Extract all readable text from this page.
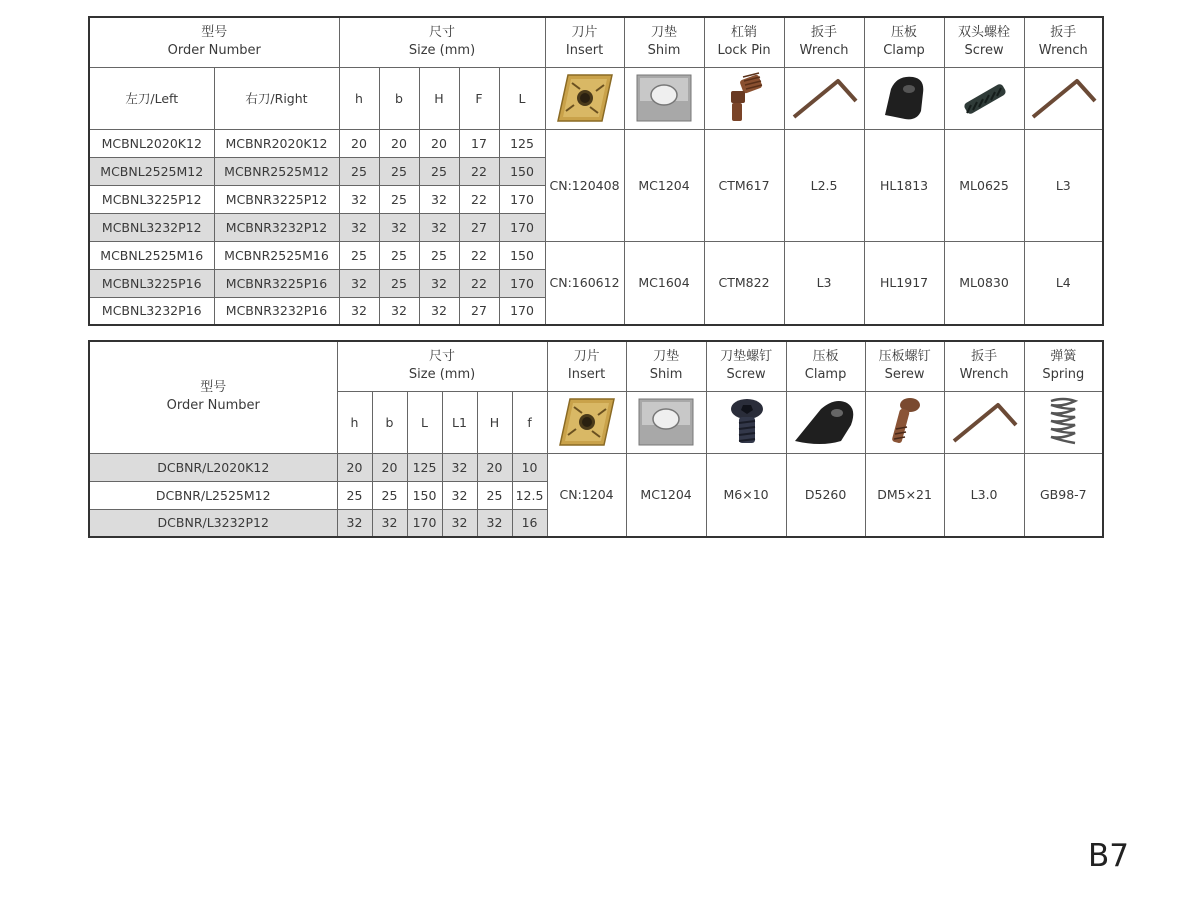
型号
Order Number		尺寸
Size (mm)					刀片
Insert	刀垫
Shim	杠销
Lock Pin	扳手
Wrench	压板
Clamp	双头螺栓
Screw	扳手
Wrench

左刀/Left	右刀/Right	h	b	H	F	L	

MCBNL2020K12	MCBNR2020K12	20	20	20	17	125	CN:120408	MC1204	CTM617	L2.5	HL1813	ML0625	L3
MCBNL2525M12	MCBNR2525M12	25	25	25	22	150							
MCBNL3225P12	MCBNR3225P12	32	25	32	22	170							
MCBNL3232P12	MCBNR3232P12	32	32	32	27	170							
MCBNL2525M16	MCBNR2525M16	25	25	25	22	150	CN:160612	MC1604	CTM822	L3	HL1917	ML0830	L4
MCBNL3225P16	MCBNR3225P16	32	25	32	22	170							
MCBNL3232P16	MCBNR3232P16	32	32	32	27	170							
型号
Order Number	尺寸
Size (mm)						刀片
Insert	刀垫
Shim	刀垫螺钉
Screw	压板
Clamp	压板螺钉
Serew	扳手
Wrench	弹簧
Spring

	h	b	L	L1	H	f	

DCBNR/L2020K12	20	20	125	32	20	10	CN:1204	MC1204	M6×10	D5260	DM5×21	L3.0	GB98-7
DCBNR/L2525M12	25	25	150	32	25	12.5							
DCBNR/L3232P12	32	32	170	32	32	16							
B7
